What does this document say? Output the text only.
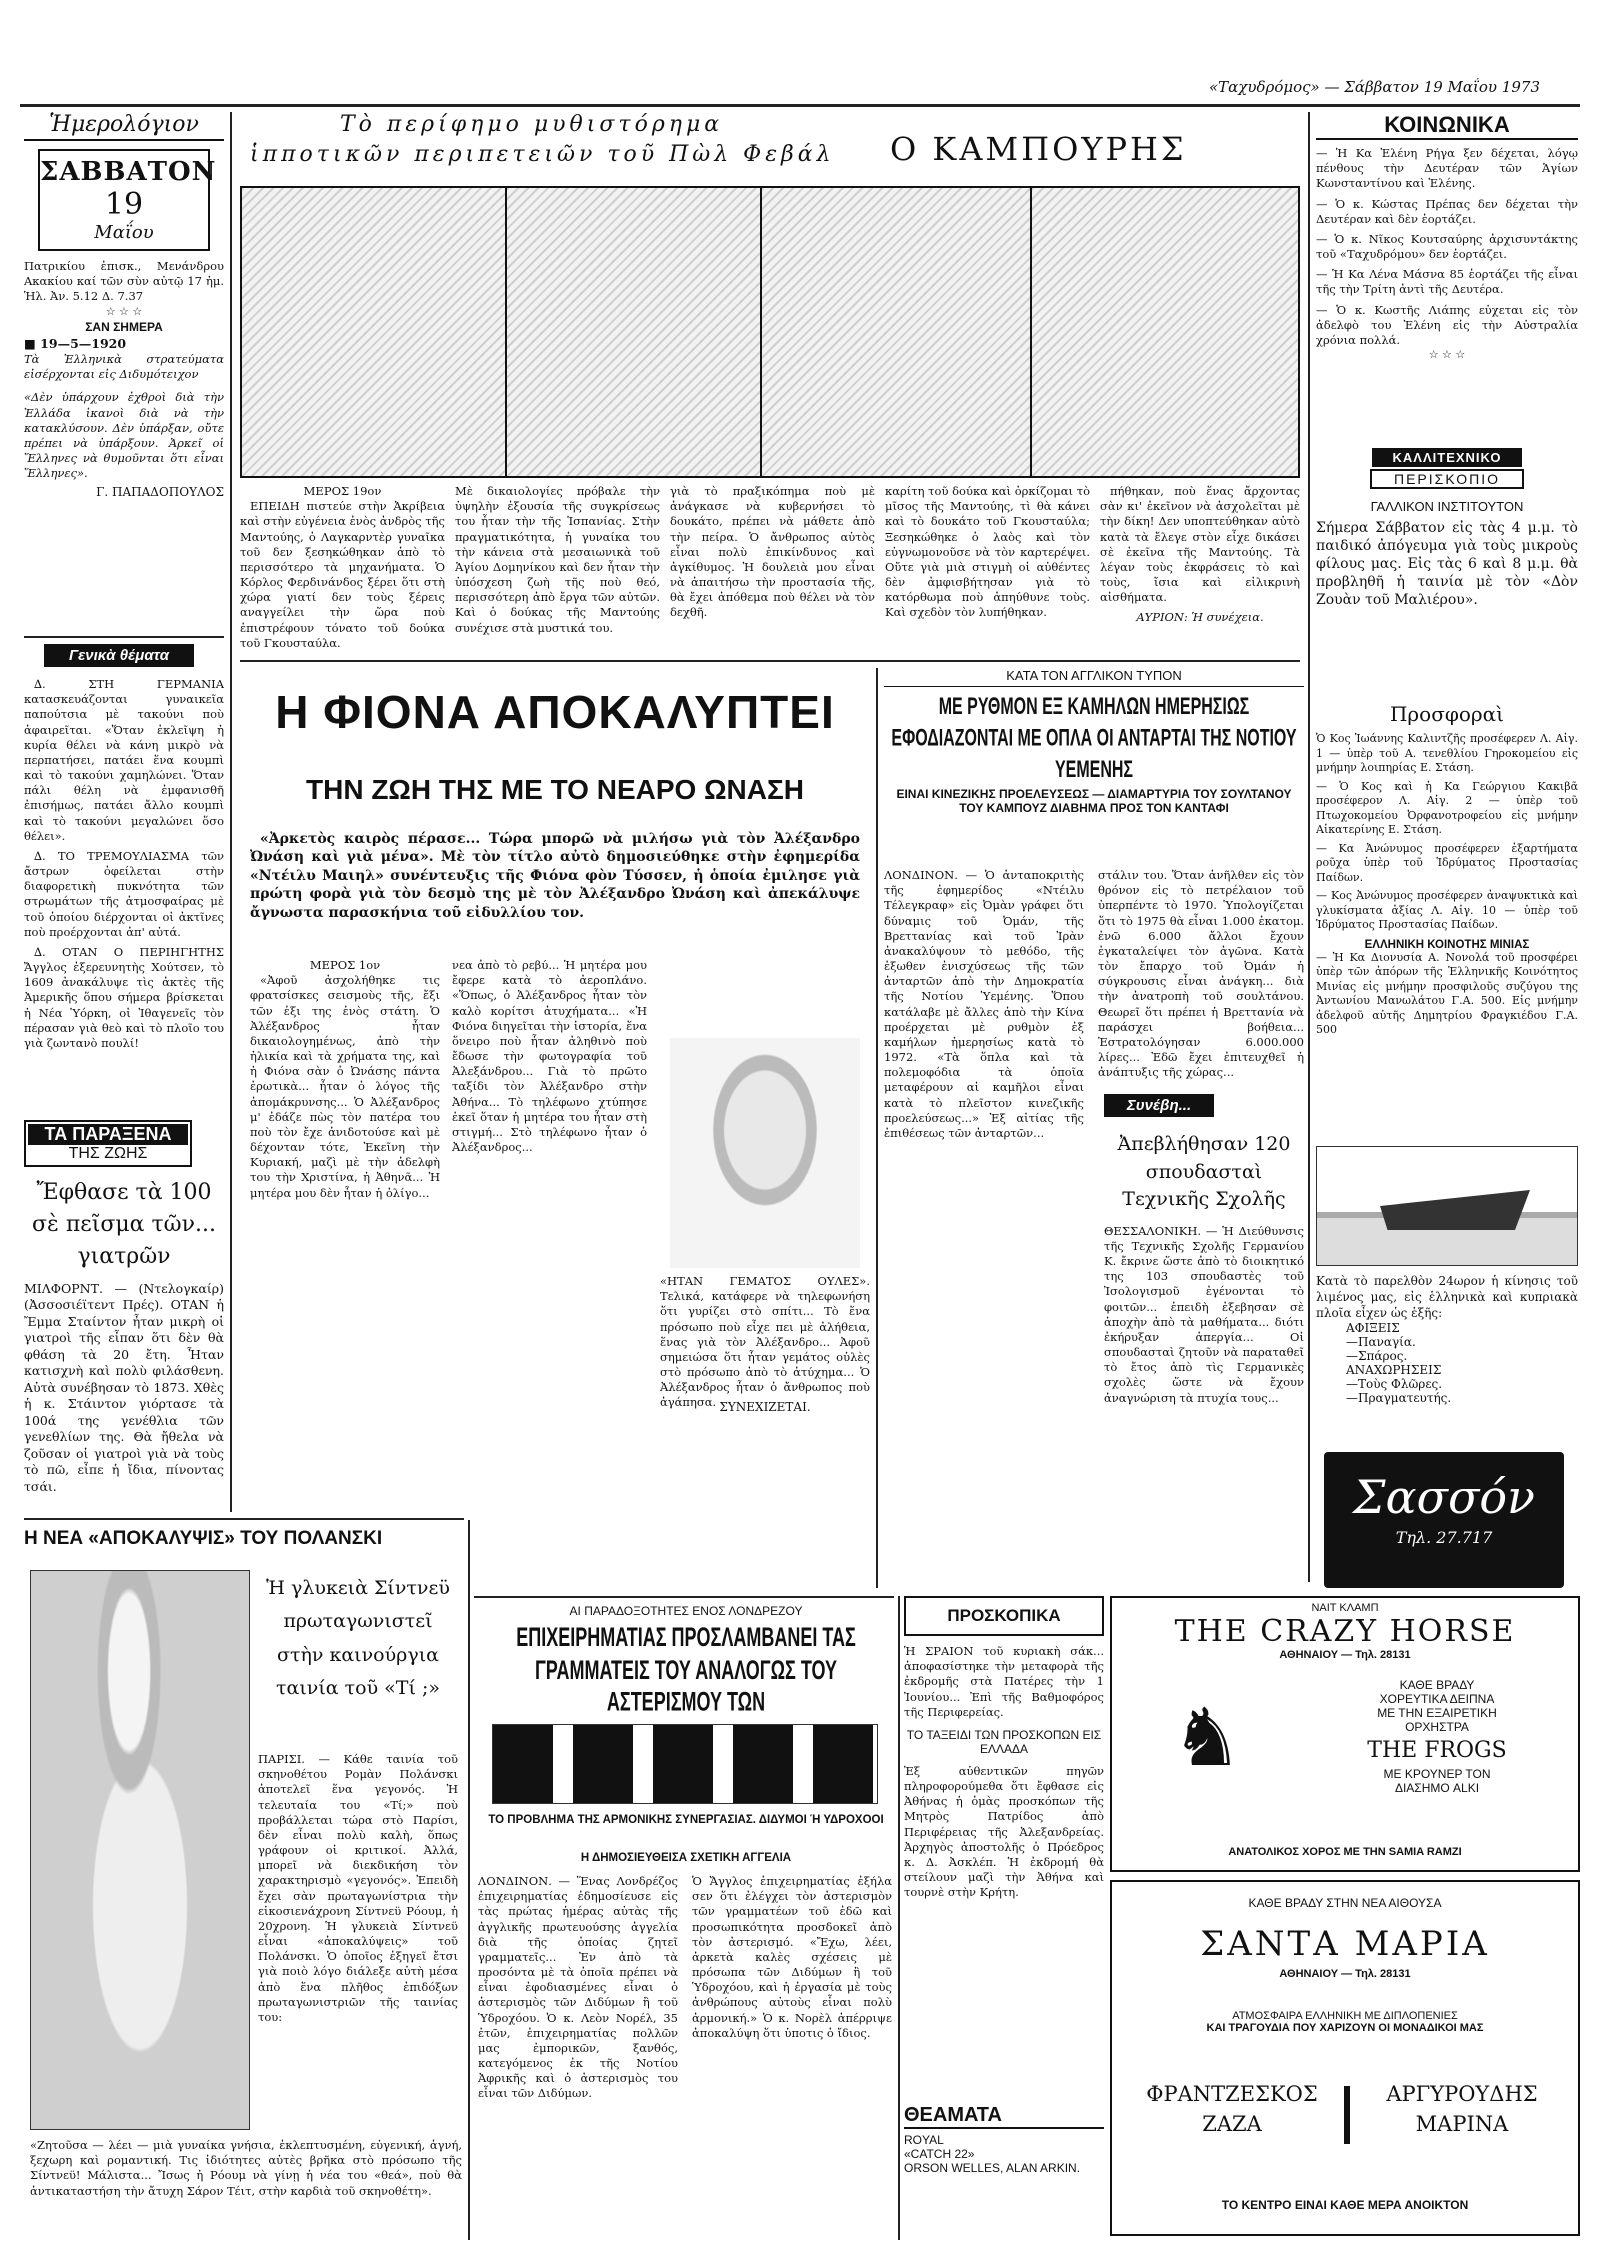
«Ταχυδρόμος» — Σάββατον 19 Μαΐου 1973
Ἡμερολόγιον
ΣΑΒΒΑΤΟΝ
19
Μαΐου
Πατρικίου ἐπισκ., Μενάνδρου Ακακίου καί τῶν σὺν αὐτῷ 17 ἡμ. Ἡλ. Ἀν. 5.12 Δ. 7.37
☆ ☆ ☆
ΣΑΝ ΣΗΜΕΡΑ
■ 19—5—1920
Τὰ Ἑλληνικὰ στρατεύματα εἰσέρχονται εἰς Διδυμότειχον
«Δὲν ὑπάρχουν ἐχθροὶ διὰ τὴν Ἑλλάδα ἱκανοὶ διὰ νὰ τὴν κατακλύσουν. Δὲν ὑπάρξαν, οὔτε πρέπει νὰ ὑπάρξουν. Ἀρκεῖ οἱ Ἕλληνες νὰ θυμοῦνται ὅτι εἶναι Ἕλληνες».
Γ. ΠΑΠΑΔΟΠΟΥΛΟΣ
Γενικὰ θέματα

∆. ΣΤΗ ΓΕΡΜΑΝΙΑ κατασκευάζονται γυναικεῖα παπούτσια μὲ τακούνι ποὺ ἀφαιρεῖται. «Ὅταν ἐκλεῖψη ἡ κυρία θέλει νὰ κάνη μικρὸ νὰ περπατήσει, πατάει ἕνα κουμπὶ καὶ τὸ τακούνι χαμηλώνει. Ὅταν πάλι θέλη νὰ ἐμφανισθῆ ἐπισήμως, πατάει ἄλλο κουμπὶ καὶ τὸ τακούνι μεγαλώνει ὅσο θέλει».

∆. ΤΟ ΤΡΕΜΟΥΛΙΑΣΜΑ τῶν ἄστρων ὀφείλεται στὴν διαφορετικὴ πυκνότητα τῶν στρωμάτων τῆς ἀτμοσφαίρας μὲ τοῦ ὁποίου διέρχονται οἱ ἀκτῖνες ποὺ προέρχονται ἀπ' αὐτά.

∆. ΟΤΑΝ Ο ΠΕΡΙΗΓΗΤΗΣ Ἄγγλος ἐξερευνητὴς Χούτσεν, τὸ 1609 ἀνακάλυψε τὶς ἀκτὲς τῆς Ἀμερικῆς ὅπου σήμερα βρίσκεται ἡ Νέα Ὑόρκη, οἱ Ἰθαγενεῖς τὸν πέρασαν γιὰ θεὸ καὶ τὸ πλοῖο του γιὰ ζωντανὸ πουλί!

ΤΑ ΠΑΡΑΞΕΝΑ
ΤΗΣ ΖΩΗΣ
Ἔφθασε τὰ 100 σὲ πεῖσμα τῶν... γιατρῶν
ΜΙΛΦΟΡΝΤ. — (Ντελογκαίρ) (Ἀσσοσιέϊτεντ Πρές). ΟΤΑΝ ἡ Ἔμμα Σταίντον ἦταν μικρὴ οἱ γιατροὶ τῆς εἶπαν ὅτι δὲν θὰ φθάση τὰ 20 ἔτη. Ἦταν κατισχνὴ καὶ πολὺ φιλάσθενη. Αὐτὰ συνέβησαν τὸ 1873. Χθὲς ἡ κ. Στάιντον γιόρτασε τὰ 100ά της γενέθλια τῶν γενεθλίων της. Θὰ ἤθελα νὰ ζοῦσαν οἱ γιατροὶ γιὰ νὰ τοὺς τὸ πῶ, εἶπε ἡ ἴδια, πίνοντας τσάι.
Τὸ περίφημο μυθιστόρημα
ἱπποτικῶν περιπετειῶν τοῦ Πὼλ Φεβάλ Ο ΚΑΜΠΟΥΡΗΣ
ΜΕΡΟΣ 19ον

ΕΠΕΙΔΗ πιστεύε στὴν Ἀκρίβεια καὶ στὴν εὐγένεια ἐνὸς ἀνδρὸς τῆς Μαντούης, ὁ Λαγκαρντὲρ γυναῖκα τοῦ δεν ξεσηκώθηκαν ἀπὸ τὸ περισσότερο τὰ μηχανήματα. Ὁ Κόρλος Φερδινάνδος ξέρει ὅτι στὴ χώρα γιατί δεν τοὺς ξέρεις αναγγείλει τὴν ὥρα ποὺ ἐπιστρέφουν τόνατο τοῦ δούκα τοῦ Γκουσταύλα.

Μὲ δικαιολογίες πρόβαλε τὴν ὑψηλὴν ἐξουσία τῆς συγκρίσεως του ἦταν τὴν τῆς Ἱσπανίας. Στὴν πραγματικότητα, ἡ γυναίκα του τὴν κάνεια στὰ μεσαιωνικὰ τοῦ Ἁγίου Δομηνίκου καὶ δεν ἦταν τὴν ὑπόσχεση ζωὴ τῆς ποὺ θεό, περισσότερη ἀπὸ ἔργα τῶν αὐτῶν. Καὶ ὁ δούκας τῆς Μαντούης συνέχισε στὰ μυστικά του.
γιὰ τὸ πραξικόπημα ποὺ μὲ ἀνάγκασε νὰ κυβερνήσει τὸ δουκάτο, πρέπει νὰ μάθετε ἀπὸ τὴν πείρα. Ὁ ἄνθρωπος αὐτὸς εἶναι πολὺ ἐπικίνδυνος καὶ ἀγκίθυμος. Ἡ δουλειὰ μου εἶναι νὰ ἀπαιτήσω τὴν προστασία τῆς, θὰ ἔχει ἀπόθεμα ποὺ θέλει νὰ τὸν δεχθῆ.
καρίτη τοῦ δούκα καὶ ὁρκίζομαι τὸ μῖσος τῆς Μαντούης, τὶ θὰ κάνει καὶ τὸ δουκάτο τοῦ Γκουσταύλα; Ξεσηκώθηκε ὁ λαὸς καὶ τὸν εὐγνωμονοῦσε νὰ τὸν καρτερέψει. Οὔτε γιὰ μιὰ στιγμὴ οἱ αὐθέντες δὲν ἀμφισβήτησαν γιὰ τὸ κατόρθωμα ποὺ ἀπηύθυνε τοὺς. Καὶ σχεδὸν τὸν λυπήθηκαν.

πήθηκαν, ποὺ ἕνας ἄρχοντας σὰν κι' ἐκεῖνον νὰ ἀσχολεῖται μὲ τὴν δίκη! Δεν υποπτεύθηκαν αὐτὸ κατὰ τὰ ἔλεγε στὸν εἶχε δικάσει σὲ ἐκεῖνα τῆς Μαντούης. Τὰ λέγαν τοὺς ἐκφράσεις τὸ καὶ τοὺς, ἴσια καὶ εἰλικρινὴ αἰσθήματα.

ΑΥΡΙΟΝ: Ἡ συνέχεια.
Η ΦΙΟΝΑ ΑΠΟΚΑΛΥΠΤΕΙ
ΤΗΝ ΖΩΗ ΤΗΣ ΜΕ ΤΟ ΝΕΑΡΟ ΩΝΑΣΗ

«Ἀρκετὸς καιρὸς πέρασε... Τώρα μπορῶ νὰ μιλήσω γιὰ τὸν Ἀλέξανδρο Ὠνάση καὶ γιὰ μένα». Μὲ τὸν τίτλο αὐτὸ δημοσιεύθηκε στὴν ἐφημερίδα «Ντέιλυ Μαιηλ» συνέντευξις τῆς Φιόνα φὸν Τύσσεν, ἡ ὁποία ἐμιλησε γιὰ πρώτη φορὰ γιὰ τὸν δεσμὸ της μὲ τὸν Ἀλέξανδρο Ὠνάση καὶ ἀπεκάλυψε ἄγνωστα παρασκήνια τοῦ εἰδυλλίου τον.

ΜΕΡΟΣ 1ον

«Ἀφοῦ ἀσχολήθηκε τις φρατσίσκες σεισμοὺς τῆς, ἔξι τῶν ἐξι της ἐνὸς στάτη. Ὁ Ἀλέξανδρος ἦταν δικαιολογημένως, ἀπὸ τὴν ἡλικία καὶ τὰ χρήματα της, καὶ ἡ Φιόνα σὰν ὁ Ὠνάσης πάντα ἐρωτικὰ... ἦταν ὁ λόγος τῆς ἀπομάκρυνσης... Ὁ Ἀλέξανδρος μ' ἐδάζε πὼς τὸν πατέρα του ποὺ τὸν ἔχε ἀνιδοτούσε καὶ μὲ δέχονταν τότε, Ἐκεῖνη τὴν Κυριακή, μαζὶ μὲ τὴν ἀδελφὴ του τὴν Χριστίνα, ἡ Ἀθηνᾶ... Ἡ μητέρα μου δὲν ἦταν ἡ ὀλίγο...

νεα ἀπὸ τὸ ρεβύ... Ἡ μητέρα μου ἔφερε κατὰ τὸ ἀεροπλάνο. «Ὅπως, ὁ Ἀλέξανδρος ἦταν τὸν καλὸ κορίτσι ἀτυχήματα... «Ἡ Φιόνα διηγεῖται τὴν ἱστορία, ἕνα ὅνειρο ποὺ ἦταν ἀληθινὸ ποὺ ἔδωσε τὴν φωτογραφία τοῦ Ἀλεξάνδρου... Γιὰ τὸ πρῶτο ταξίδι τὸν Ἀλέξανδρο στὴν Ἀθήνα... Τὸ τηλέφωνο χτύπησε ἐκεῖ ὅταν ἡ μητέρα του ἦταν στὴ στιγμή... Στὸ τηλέφωνο ἦταν ὁ Ἀλέξανδρος...
«ΗΤΑΝ ΓΕΜΑΤΟΣ ΟΥΛΕΣ». Τελικά, κατάφερε νὰ τηλεφωνήση ὅτι γυρίζει στὸ σπίτι... Τὸ ἕνα πρόσωπο ποὺ εἶχε πει μὲ ἀλήθεια, ἕνας γιὰ τὸν Ἀλέξανδρο... Ἀφοῦ σημειώσα ὅτι ἦταν γεμάτος οὐλὲς στὸ πρόσωπο ἀπὸ τὸ ἀτύχημα... Ὁ Ἀλέξανδρος ἦταν ὁ ἄνθρωπος ποὺ ἀγάπησα. ΣΥΝΕΧΙΖΕΤΑΙ.
ΚΑΤΑ ΤΟΝ ΑΓΓΛΙΚΟΝ ΤΥΠΟΝ
ΜΕ ΡΥΘΜΟΝ ΕΞ ΚΑΜΗΛΩΝ ΗΜΕΡΗΣΙΩΣ ΕΦΟΔΙΑΖΟΝΤΑΙ ΜΕ ΟΠΛΑ ΟΙ ΑΝΤΑΡΤΑΙ ΤΗΣ ΝΟΤΙΟΥ ΥΕΜΕΝΗΣ
ΕΙΝΑΙ ΚΙΝΕΖΙΚΗΣ ΠΡΟΕΛΕΥΣΕΩΣ — ΔΙΑΜΑΡΤΥΡΙΑ ΤΟΥ ΣΟΥΛΤΑΝΟΥ ΤΟΥ ΚΑΜΠΟΥΖ ΔΙΑΒΗΜΑ ΠΡΟΣ ΤΟΝ ΚΑΝΤΑΦΙ
ΛΟΝΔΙΝΟΝ. — Ὁ ἀνταποκριτὴς τῆς ἐφημερίδος «Ντέιλυ Τέλεγκραφ» εἰς Ὀμὰν γράφει ὅτι δύναμις τοῦ Ὀμάν, τῆς Βρεττανίας καὶ τοῦ Ἰρὰν ἀνακαλύψουν τὸ μεθόδο, τῆς ἐξωθεν ἐνισχύσεως τῆς τῶν ἀνταρτῶν ἀπὸ τὴν Δημοκρατία τῆς Νοτίου Ὑεμένης. Ὅπου κατάλαβε μὲ ἄλλες ἀπὸ τὴν Κίνα προέρχεται μὲ ρυθμὸν ἐξ καμήλων ἡμερησίως κατὰ τὸ 1972. «Τὰ ὅπλα καὶ τὰ πολεμοφόδια τὰ ὁποῖα μεταφέρουν αἱ καμῆλοι εἶναι κατὰ τὸ πλεῖστον κινεζικῆς προελεύσεως...» Ἐξ αἰτίας τῆς ἐπιθέσεως τῶν ἀνταρτῶν...
στάλιν του. Ὅταν ἀνῆλθεν εἰς τὸν θρόνον εἰς τὸ πετρέλαιον τοῦ ὑπερπέντε τὸ 1970. Ὑπολογίζεται ὅτι τὸ 1975 θὰ εἶναι 1.000 ἐκατομ. ἐνῶ 6.000 ἄλλοι ἔχουν ἐγκαταλείψει τὸν ἀγῶνα. Κατὰ τὸν ἔπαρχο τοῦ Ὀμάν ἡ σύγκρουσις εἶναι ἀνάγκη... διὰ τὴν ἀνατροπὴ τοῦ σουλτάνου. Θεωρεῖ ὅτι πρέπει ἡ Βρεττανία νὰ παράσχει βοήθεια... Ἐστρατολόγησαν 6.000.000 λίρες... Ἐδῶ ἔχει ἐπιτευχθεῖ ἡ ἀνάπτυξις τῆς χώρας...
ΚΟΙΝΩΝΙΚΑ
— Ἡ Κα Ἑλένη Ρήγα ξεν δέχεται, λόγῳ πένθους τὴν Δευτέραν τῶν Ἁγίων Κωνσταντίνου καὶ Ἑλένης.
— Ὁ κ. Κώστας Πρέπας δεν δέχεται τὴν Δευτέραν καὶ δὲν ἑορτάζει.
— Ὁ κ. Νῖκος Κουτσαύρης ἀρχισυντάκτης τοῦ «Ταχυδρόμου» δεν ἑορτάζει.
— Ἡ Κα Λένα Μάσνα 85 ἑορτάζει τῆς εἶναι τῆς τὴν Τρίτη ἀντὶ τῆς Δευτέρα.
— Ὁ κ. Κωστῆς Λιάπης εὐχεται εἰς τὸν ἀδελφὸ του Ἑλένη εἰς τὴν Αὐστραλία χρόνια πολλά.
☆ ☆ ☆
ΚΑΛΛΙΤΕΧΝΙΚΟ
ΠΕΡΙΣΚΟΠΙΟ
ΓΑΛΛΙΚΟΝ ΙΝΣΤΙΤΟΥΤΟΝ
Σήμερα Σάββατον εἰς τὰς 4 μ.μ. τὸ παιδικό ἀπόγευμα γιὰ τοὺς μικροὺς φίλους μας. Εἰς τὰς 6 καὶ 8 μ.μ. θὰ προβληθῆ ἡ ταινία μὲ τὸν «Δὸν Ζουὰν τοῦ Μαλιέρου».
Προσφοραὶ
Ὁ Κος Ἰωάννης Καλιντζῆς προσέφερεν Λ. Αἰγ. 1 — ὑπὲρ τοῦ Α. τενεθλίου Γηροκομείου εἰς μνήμην λοιπηρίας Ε. Στάση.
— Ὁ Κος καὶ ἡ Κα Γεώργιου Κακιβᾶ προσέφερον Λ. Αἰγ. 2 — ὑπὲρ τοῦ Πτωχοκομείου Ὀρφανοτροφείου εἰς μνήμην Αἰκατερίνης Ε. Στάση.
— Κα Ἀνώνυμος προσέφερεν ἐξαρτήματα ροῦχα ὑπὲρ τοῦ Ἱδρύματος Προστασίας Παίδων.
— Κος Ἀνώνυμος προσέφερεν ἀναψυκτικὰ καὶ γλυκίσματα ἀξίας Λ. Αἰγ. 10 — ὑπὲρ τοῦ Ἱδρύματος Προστασίας Παίδων.
ΕΛΛΗΝΙΚΗ ΚΟΙΝΟΤΗΣ ΜΙΝΙΑΣ
— Ἡ Κα Διονυσία Α. Νονολά τοῦ προσφέρει ὑπὲρ τῶν ἀπόρων τῆς Ἑλληνικῆς Κοινότητος Μινίας εἰς μνήμην προσφιλοῦς συζύγου της Ἀντωνίου Μανωλάτου Γ.Α. 500. Εἰς μνήμην ἀδελφοῦ αὐτῆς Δημητρίου Φραγκιέδου Γ.Α. 500
Συνέβη...
Ἀπεβλήθησαν 120 σπουδασταὶ Τεχνικῆς Σχολῆς
ΘΕΣΣΑΛΟΝΙΚΗ. — Ἡ Διεύθυνσις τῆς Τεχνικῆς Σχολῆς Γερμανίου Κ. ἔκρινε ὥστε ἀπὸ τὸ διοικητικό της 103 σπουδαστὲς τοῦ Ἰσολογισμοῦ ἐγένονται τὸ φοιτῶν... ἐπειδὴ ἐξεβησαν σὲ ἀποχὴν ἀπὸ τὰ μαθήματα... διότι ἐκήρυξαν ἀπεργία... Οἱ σπουδασταὶ ζητοῦν νὰ παραταθεῖ τὸ ἔτος ἀπὸ τὶς Γερμανικὲς σχολὲς ὥστε νὰ ἔχουν ἀναγνώριση τὰ πτυχία τους...
Κατὰ τὸ παρελθὸν 24ωρον ἡ κίνησις τοῦ λιμένος μας, εἰς ἑλληνικὰ καὶ κυπριακὰ πλοῖα εἶχεν ὡς ἑξῆς:
ΑΦΙΞΕΙΣ
—Παναγία.
—Σπάρος.
ΑΝΑΧΩΡΗΣΕΙΣ
—Τοὺς Φλῶρες.
—Πραγματευτής.
Σασσόν
Τηλ. 27.717
Η ΝΕΑ «ΑΠΟΚΑΛΥΨΙΣ» ΤΟΥ ΠΟΛΑΝΣΚΙ
Ἡ γλυκειὰ Σίντνεϋ πρωταγωνιστεῖ στὴν καινούργια ταινία τοῦ «Τί ;»
ΠΑΡΙΣΙ. — Κάθε ταινία τοῦ σκηνοθέτου Ρομὰν Πολάνσκι ἀποτελεῖ ἕνα γεγονός. Ἡ τελευταία του «Τί;» ποὺ προβάλλεται τώρα στὸ Παρίσι, δὲν εἶναι πολὺ καλὴ, ὅπως γράφουν οἱ κριτικοί. Ἀλλά, μπορεῖ νὰ διεκδικήση τὸν χαρακτηρισμὸ «γεγονός». Ἐπειδὴ ἔχει σὰν πρωταγωνίστρια τὴν εἰκοσιενάχρονη Σίντνεϋ Ρόουμ, ἡ 20χρονη. Ἡ γλυκειὰ Σίντνεϋ εἶναι «ἀποκαλύψεις» τοῦ Πολάνσκι. Ὁ ὁποῖος ἐξηγεῖ ἔτσι γιὰ ποιὸ λόγο διάλεξε αὐτὴ μέσα ἀπὸ ἕνα πλῆθος ἐπιδόξων πρωταγωνιστριῶν τῆς ταινίας του:
«Ζητοῦσα — λέει — μιὰ γυναίκα γνήσια, ἐκλεπτυσμένη, εὐγενική, ἁγνή, ξεχωρη καὶ ρομαντική. Τις ἰδιότητες αὐτὲς βρῆκα στὸ πρόσωπο τῆς Σίντνεϋ! Μάλιστα... Ἴσως ἡ Ρόουμ νὰ γίνῃ ἡ νέα του «θεά», ποὺ θὰ ἀντικαταστήση τὴν ἄτυχη Σάρον Τέιτ, στὴν καρδιὰ τοῦ σκηνοθέτη».
ΑΙ ΠΑΡΑΔΟΞΟΤΗΤΕΣ ΕΝΟΣ ΛΟΝΔΡΕΖΟΥ
ΕΠΙΧΕΙΡΗΜΑΤΙΑΣ ΠΡΟΣΛΑΜΒΑΝΕΙ ΤΑΣ ΓΡΑΜΜΑΤΕΙΣ ΤΟΥ ΑΝΑΛΟΓΩΣ ΤΟΥ ΑΣΤΕΡΙΣΜΟΥ ΤΩΝ
ΤΟ ΠΡΟΒΛΗΜΑ ΤΗΣ ΑΡΜΟΝΙΚΗΣ ΣΥΝΕΡΓΑΣΙΑΣ. ΔΙΔΥΜΟΙ Ή ΥΔΡΟΧΟΟΙ
Η ΔΗΜΟΣΙΕΥΘΕΙΣΑ ΣΧΕΤΙΚΗ ΑΓΓΕΛΙΑ
ΛΟΝΔΙΝΟΝ. — Ἕνας Λονδρέζος ἐπιχειρηματίας ἐδημοσίευσε εἰς τὰς πρώτας ἡμέρας αὐτὰς τῆς ἀγγλικῆς πρωτευούσης ἀγγελία διὰ τῆς ὁποίας ζητεῖ γραμματεῖς... Ἐν ἀπὸ τὰ προσόντα μὲ τὰ ὁποῖα πρέπει νὰ εἶναι ἐφοδιασμένες εἶναι ὁ ἀστερισμὸς τῶν Διδύμων ἢ τοῦ Ὑδροχόου. Ὁ κ. Λεὸν Νορέλ, 35 ἐτῶν, ἐπιχειρηματίας πολλῶν μας ἐμπορικῶν, ξανθός, κατεγόμενος ἐκ τῆς Νοτίου Ἀφρικῆς καὶ ὁ ἀστερισμὸς του εἶναι τῶν Διδύμων.
Ὁ Ἄγγλος ἐπιχειρηματίας ἐξήλα σεν ὅτι ἐλέγχει τὸν ἀστερισμὸν τῶν γραμματέων τοῦ ἐδῶ καὶ προσωπικότητα προσδοκεῖ ἀπὸ τὸν ἀστερισμό. «Ἔχω, λέει, ἀρκετὰ καλὲς σχέσεις μὲ πρόσωπα τῶν Διδύμων ἢ τοῦ Ὑδροχόου, καὶ ἡ ἐργασία μὲ τοὺς ἀνθρώπους αὐτοὺς εἶναι πολὺ ἀρμονική.» Ὁ κ. Νορὲλ ἀπέρριψε ἀποκαλύψη ὅτι ὑποτις ὁ ἴδιος.
ΠΡΟΣΚΟΠΙΚΑ
Ἡ ΣΡΑΙΟΝ τοῦ κυριακὴ σάκ... ἀποφασίστηκε τὴν μεταφορὰ τῆς ἐκδρομῆς στὰ Πατέρες τὴν 1 Ἰουνίου... Ἐπὶ τῆς Βαθμοφόρος τῆς Περιφερείας.
ΤΟ ΤΑΞΕΙΔΙ ΤΩΝ ΠΡΟΣΚΟΠΩΝ ΕΙΣ ΕΛΛΑΔΑ
Ἐξ αὐθεντικῶν πηγῶν πληροφορούμεθα ὅτι ἔφθασε εἰς Ἀθήνας ἡ ὁμὰς προσκόπων τῆς Μητρὸς Πατρίδος ἀπὸ Περιφέρειας τῆς Ἀλεξανδρείας. Ἀρχηγὸς ἀποστολῆς ὁ Πρόεδρος κ. Δ. Ἀσκλέπ. Ἡ ἐκδρομή θὰ στείλουν μαζὶ τὴν Ἀθήνα καὶ τουρνὲ στὴν Κρήτη.
ΘΕΑΜΑΤΑ
ROYAL
«CATCH 22»
ORSON WELLES, ALAN ARKIN.
ΝΑΙΤ ΚΛΑΜΠ
THE CRAZY HORSE
ΑΘΗΝΑΙΟΥ — Τηλ. 28131
♞
ΚΑΘΕ ΒΡΑΔΥ
ΧΟΡΕΥΤΙΚΑ ΔΕΙΠΝΑ
ΜΕ ΤΗΝ ΕΞΑΙΡΕΤΙΚΗ
ΟΡΧΗΣΤΡΑ
THE FROGS
ΜΕ ΚΡΟΥΝΕΡ ΤΟΝ
ΔΙΑΣΗΜΟ ALKI
ΑΝΑΤΟΛΙΚΟΣ ΧΟΡΟΣ ΜΕ ΤΗΝ SAMIA RAMZI
ΚΑΘΕ ΒΡΑΔΥ ΣΤΗΝ ΝΕΑ ΑΙΘΟΥΣΑ
ΣΑΝΤΑ ΜΑΡΙΑ
ΑΘΗΝΑΙΟΥ — Τηλ. 28131
ΑΤΜΟΣΦΑΙΡΑ ΕΛΛΗΝΙΚΗ ΜΕ ΔΙΠΛΟΠΕΝΙΕΣ
ΚΑΙ ΤΡΑΓΟΥΔΙΑ ΠΟΥ ΧΑΡΙΖΟΥΝ ΟΙ ΜΟΝΑΔΙΚΟΙ ΜΑΣ
ΦΡΑΝΤΖΕΣΚΟΣ
ΖΑΖΑ
ΑΡΓΥΡΟΥΔΗΣ
ΜΑΡΙΝΑ
ΤΟ ΚΕΝΤΡΟ ΕΙΝΑΙ ΚΑΘΕ ΜΕΡΑ ΑΝΟΙΚΤΟΝ
